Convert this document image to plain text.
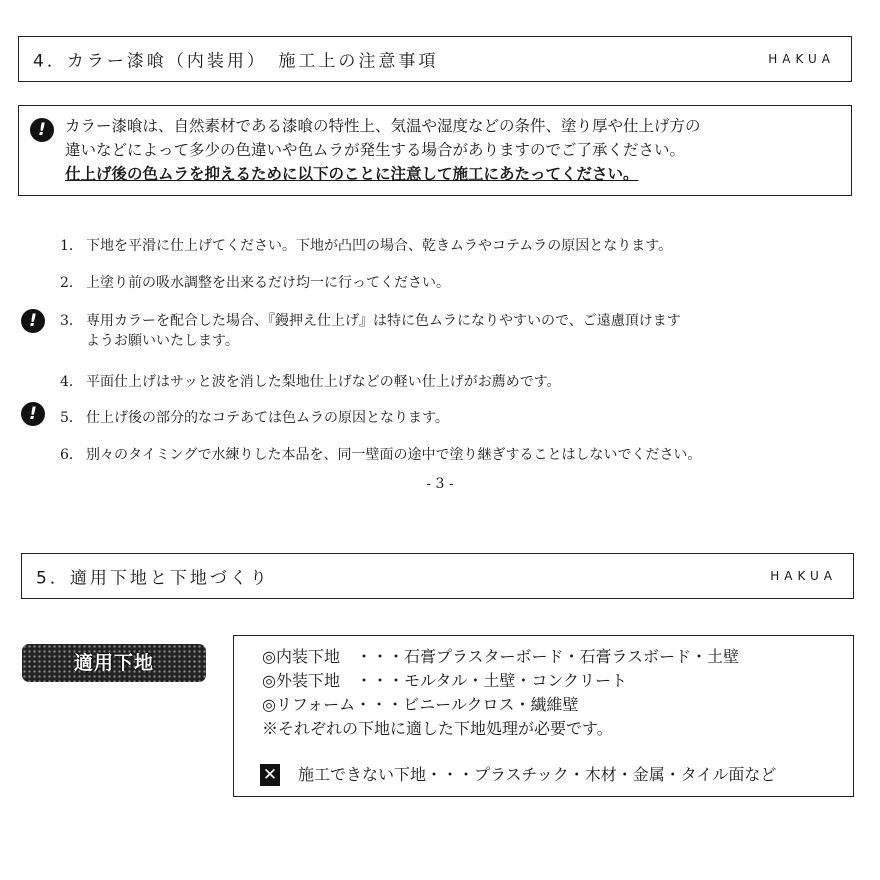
4．カラー漆喰（内装用）　施工上の注意事項	HAKUA
!	カラー漆喰は、自然素材である漆喰の特性上、気温や湿度などの条件、塗り厚や仕上げ方の
違いなどによって多少の色違いや色ムラが発生する場合がありますのでご了承ください。
仕上げ後の色ムラを抑えるために以下のことに注意して施工にあたってください。
1． 下地を平滑に仕上げてください。下地が凸凹の場合、乾きムラやコテムラの原因となります。
2． 上塗り前の吸水調整を出来るだけ均一に行ってください。
!	3． 専用カラーを配合した場合、『鏝押え仕上げ』は特に色ムラになりやすいので、ご遠慮頂けます
ようお願いいたします。
4． 平面仕上げはサッと波を消した梨地仕上げなどの軽い仕上げがお薦めです。
!	5． 仕上げ後の部分的なコテあては色ムラの原因となります。
6． 別々のタイミングで水練りした本品を、同一壁面の途中で塗り継ぎすることはしないでください。
- 3 -
5．適用下地と下地づくり	HAKUA
適用下地	◎内装下地　・・・石膏プラスターボード・石膏ラスボード・土壁
◎外装下地　・・・モルタル・土壁・コンクリート
◎リフォーム・・・ビニールクロス・繊維壁
※それぞれの下地に適した下地処理が必要です。
✕ 施工できない下地・・・プラスチック・木材・金属・タイル面など
